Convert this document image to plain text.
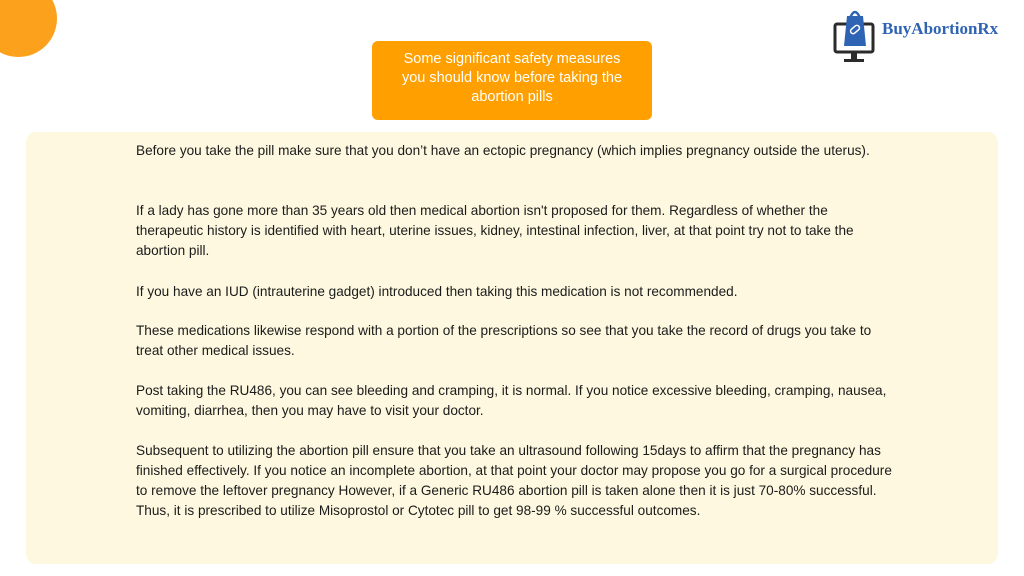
BuyAbortionRx
Some significant safety measures you should know before taking the abortion pills

Before you take the pill make sure that you don’t have an ectopic pregnancy (which implies pregnancy outside the uterus).

If a lady has gone more than 35 years old then medical abortion isn't proposed for them. Regardless of whether the therapeutic history is identified with heart, uterine issues, kidney, intestinal infection, liver, at that point try not to take the abortion pill.

If you have an IUD (intrauterine gadget) introduced then taking this medication is not recommended.

These medications likewise respond with a portion of the prescriptions so see that you take the record of drugs you take to treat other medical issues.

Post taking the RU486, you can see bleeding and cramping, it is normal. If you notice excessive bleeding, cramping, nausea, vomiting, diarrhea, then you may have to visit your doctor.

Subsequent to utilizing the abortion pill ensure that you take an ultrasound following 15days to affirm that the pregnancy has finished effectively. If you notice an incomplete abortion, at that point your doctor may propose you go for a surgical procedure to remove the leftover pregnancy However, if a Generic RU486 abortion pill is taken alone then it is just 70-80% successful. Thus, it is prescribed to utilize Misoprostol or Cytotec pill to get 98-99 % successful outcomes.
